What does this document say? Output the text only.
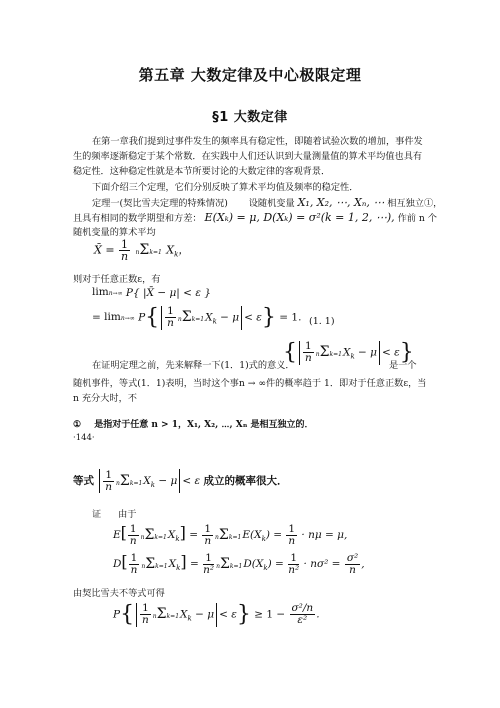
第五章 大数定律及中心极限定理
§1 大数定律
在第一章我们提到过事件发生的频率具有稳定性，即随着试验次数的增加，事件发生的频率逐渐稳定于某个常数．在实践中人们还认识到大量测量值的算术平均值也具有稳定性．这种稳定性就是本节所要讨论的大数定律的客观背景．
下面介绍三个定理，它们分别反映了算术平均值及频率的稳定性．
定理一(契比雪夫定理的特殊情况) 设随机变量 X₁, X₂, ⋯, Xₙ, ⋯ 相互独立①，
且具有相同的数学期望和方差： E(Xₖ) = μ, D(Xₖ) = σ²(k = 1, 2, ⋯), 作前 n 个
随机变量的算术平均
X̄ = $\frac{1}{n} n\Sigma k=1$ $X_k$，
则对于任意正数ε，有
limn→∞ P{ |X̄ − μ| < ε }
= limn→∞ $P\{ \frac{1}{n} n\Sigma k=1X_k - \mu < \varepsilon\} = 1$. (1. 1)
在证明定理之前，先来解释一下(1．1)式的意义．
{ $\frac{1}{n} n\Sigma k=1X_k - \mu < \varepsilon$}
是一个
随机事件，等式(1．1)表明，当时这个事n → ∞件的概率趋于 1．即对于任意正数ε，当
n 充分大时，不
① 是指对于任意 n > 1，X₁, X₂, ⋯, Xₙ 是相互独立的．
·144·
等式 $\frac{1}{n} n\Sigma k=1X_k - \mu < \varepsilon$ 成立的概率很大．
证 由于
$E[ \frac{1}{n} n\Sigma k=1X_k] = \frac{1}{n} n\Sigma k=1E(X_k) = \frac{1}{n} \cdot n\mu = \mu$,
$D[ \frac{1}{n} n\Sigma k=1X_k] = \frac{1}{\text{n²}} n\Sigma k=1D(X_k) = \frac{1}{\text{n²}} \cdot n\sigma^2 = \frac{\text{σ²}}{n}$ ,
由契比雪夫不等式可得
$P\{ \frac{1}{n} n\Sigma k=1X_k - \mu < \varepsilon\} \ge 1 - \frac{\text{σ²/n}}{\text{ε²}}$ .
